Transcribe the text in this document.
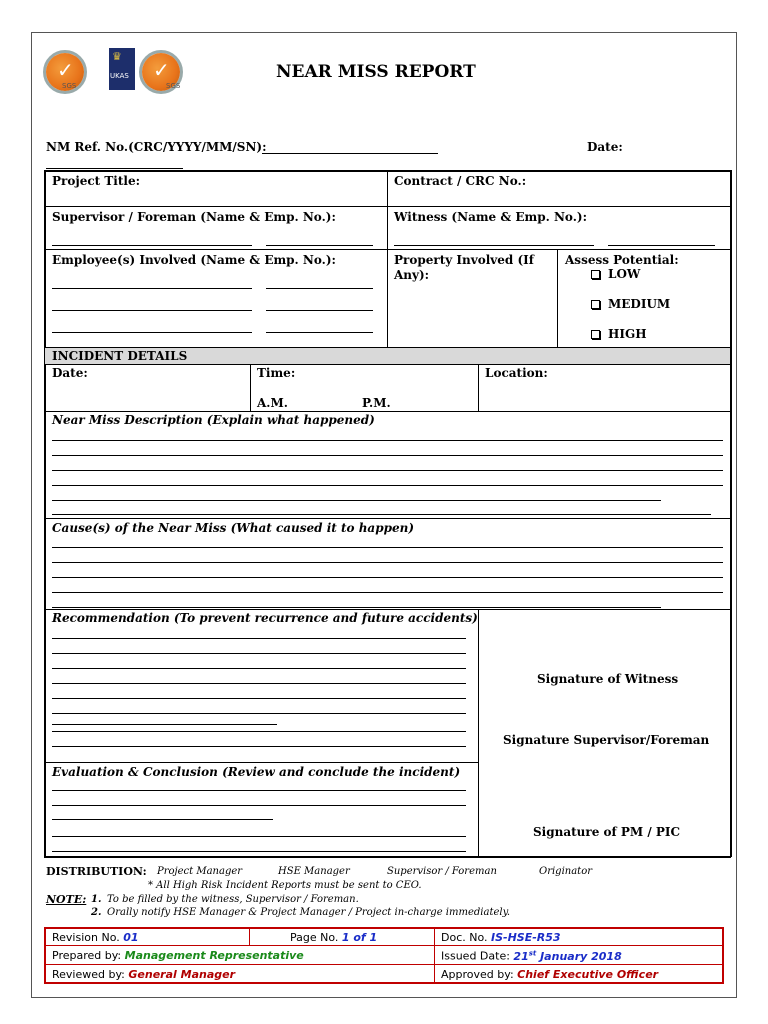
✓
SGS
♛
UKAS ✓
SGS
NEAR MISS REPORT
NM Ref. No.(CRC/YYYY/MM/SN):	Date:
Project Title:	Contract / CRC No.:
Supervisor / Foreman (Name & Emp. No.):	Witness (Name & Emp. No.):
Employee(s) Involved (Name & Emp. No.):	Property Involved (If
Any):
Assess Potential:
LOW
MEDIUM
HIGH
INCIDENT DETAILS
Date:	Time:
A.M.	P.M.
Location:
Near Miss Description (Explain what happened)
Cause(s) of the Near Miss (What caused it to happen)
Recommendation (To prevent recurrence and future accidents)
Signature of Witness
Signature Supervisor/Foreman
Evaluation & Conclusion (Review and conclude the incident)
Signature of PM / PIC
DISTRIBUTION: Project Manager	HSE Manager	Supervisor / Foreman	Originator
* All High Risk Incident Reports must be sent to CEO.
NOTE: 1. To be filled by the witness, Supervisor / Foreman.
2. Orally notify HSE Manager & Project Manager / Project in-charge immediately.
Revision No. 01	Page No. 1 of 1	Doc. No. IS-HSE-R53
Prepared by: Management Representative	Issued Date: 21st January 2018
Reviewed by: General Manager	Approved by: Chief Executive Officer
